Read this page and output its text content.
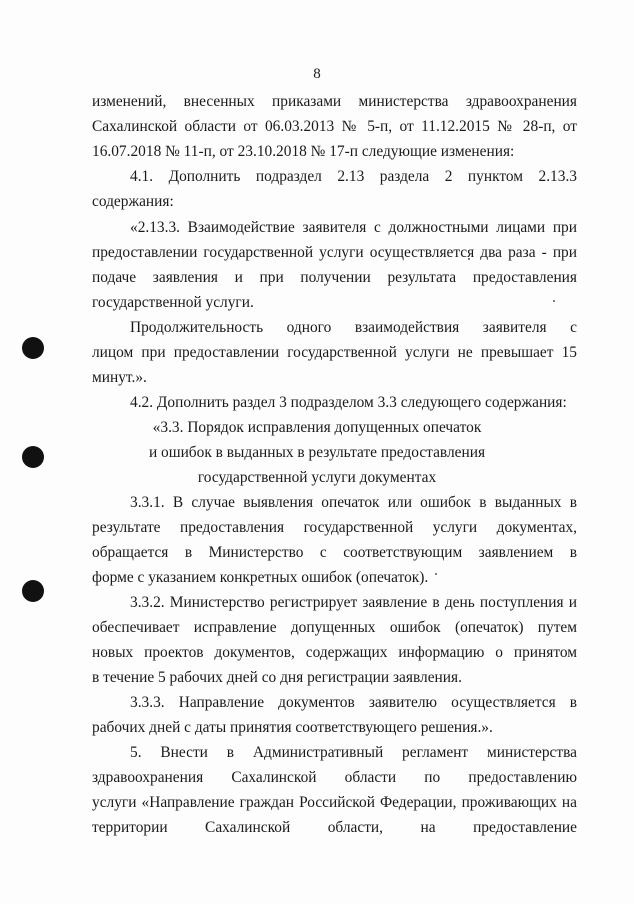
8
изменений, внесенных приказами министерства здравоохранения
Сахалинской области от 06.03.2013 № 5-п, от 11.12.2015 № 28-п, от
16.07.2018 № 11-п, от 23.10.2018 № 17-п следующие изменения:
4.1. Дополнить подраздел 2.13 раздела 2 пунктом 2.13.3
содержания:
«2.13.3. Взаимодействие заявителя с должностными лицами при
предоставлении государственной услуги осуществляется два раза - при
подаче заявления и при получении результата предоставления
государственной услуги.
Продолжительность одного взаимодействия заявителя с
лицом при предоставлении государственной услуги не превышает 15
минут.».
4.2. Дополнить раздел 3 подразделом 3.3 следующего содержания:
«3.3. Порядок исправления допущенных опечаток
и ошибок в выданных в результате предоставления
государственной услуги документах
3.3.1. В случае выявления опечаток или ошибок в выданных в
результате предоставления государственной услуги документах,
обращается в Министерство с соответствующим заявлением в
форме с указанием конкретных ошибок (опечаток).
3.3.2. Министерство регистрирует заявление в день поступления и
обеспечивает исправление допущенных ошибок (опечаток) путем
новых проектов документов, содержащих информацию о принятом
в течение 5 рабочих дней со дня регистрации заявления.
3.3.3. Направление документов заявителю осуществляется в
рабочих дней с даты принятия соответствующего решения.».
5. Внести в Административный регламент министерства
здравоохранения Сахалинской области по предоставлению
услуги «Направление граждан Российской Федерации, проживающих на
территории Сахалинской области, на предоставление
